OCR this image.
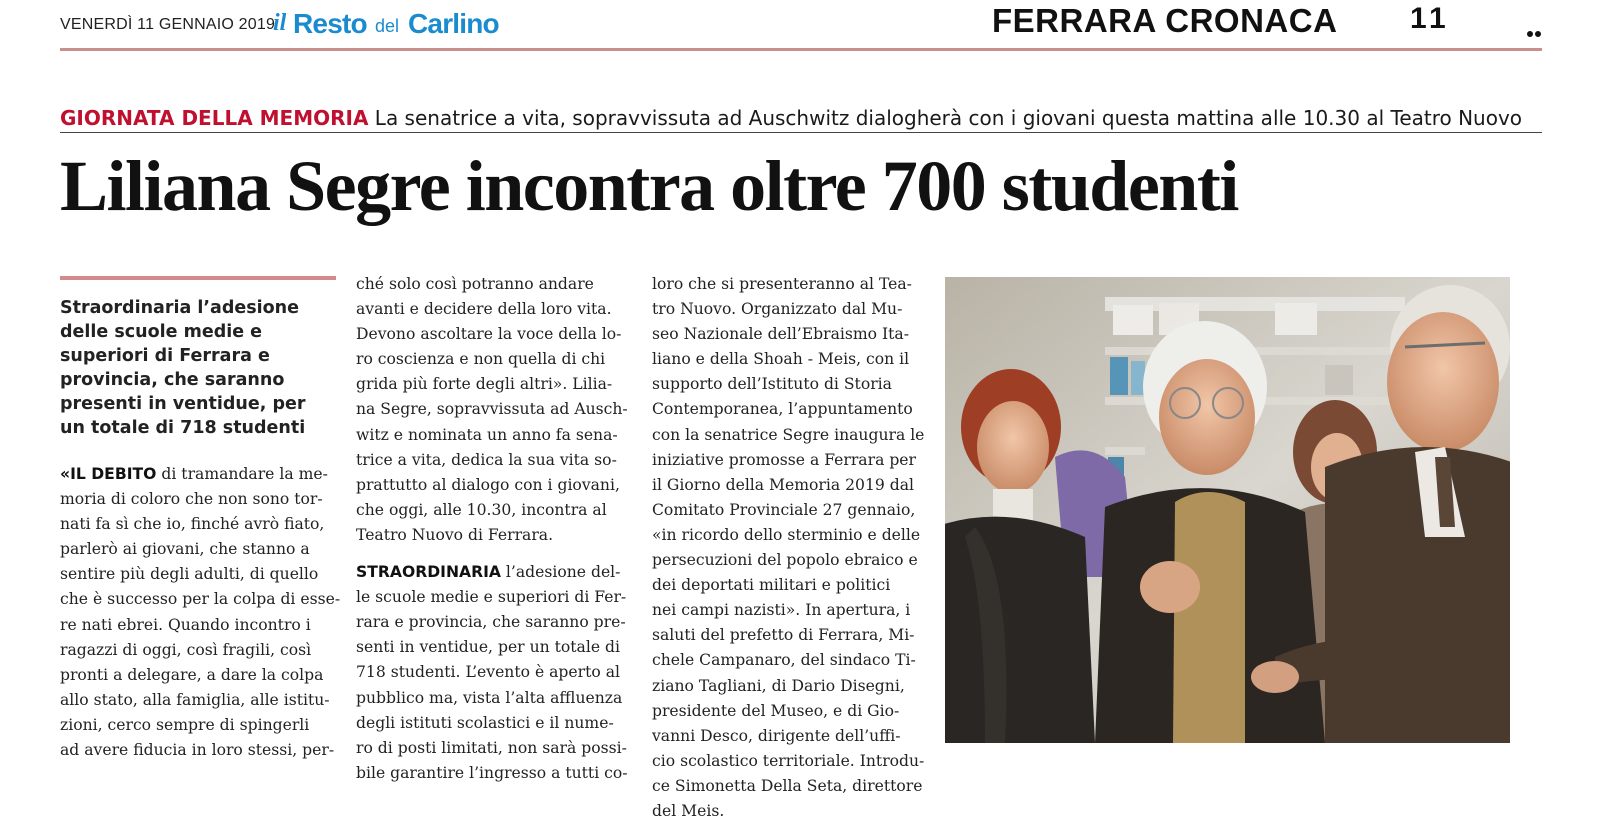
VENERDÌ 11 GENNAIO 2019
il Resto del Carlino	FERRARA CRONACA 11
GIORNATA DELLA MEMORIA La senatrice a vita, sopravvissuta ad Auschwitz dialogherà con i giovani questa mattina alle 10.30 al Teatro Nuovo
Liliana Segre incontra oltre 700 studenti
Straordinaria l’adesione delle scuole medie e superiori di Ferrara e provincia, che saranno presenti in ventidue, per un totale di 718 studenti
«IL DEBITO di tramandare la me-
moria di coloro che non sono tor-
nati fa sì che io, finché avrò fiato,
parlerò ai giovani, che stanno a
sentire più degli adulti, di quello
che è successo per la colpa di esse-
re nati ebrei. Quando incontro i
ragazzi di oggi, così fragili, così
pronti a delegare, a dare la colpa
allo stato, alla famiglia, alle istitu-
zioni, cerco sempre di spingerli
ad avere fiducia in loro stessi, per-
ché solo così potranno andare
avanti e decidere della loro vita.
Devono ascoltare la voce della lo-
ro coscienza e non quella di chi
grida più forte degli altri». Lilia-
na Segre, sopravvissuta ad Ausch-
witz e nominata un anno fa sena-
trice a vita, dedica la sua vita so-
prattutto al dialogo con i giovani,
che oggi, alle 10.30, incontra al
Teatro Nuovo di Ferrara.
STRAORDINARIA l’adesione del-
le scuole medie e superiori di Fer-
rara e provincia, che saranno pre-
senti in ventidue, per un totale di
718 studenti. L’evento è aperto al
pubblico ma, vista l’alta affluenza
degli istituti scolastici e il nume-
ro di posti limitati, non sarà possi-
bile garantire l’ingresso a tutti co-
loro che si presenteranno al Tea-
tro Nuovo. Organizzato dal Mu-
seo Nazionale dell’Ebraismo Ita-
liano e della Shoah - Meis, con il
supporto dell’Istituto di Storia
Contemporanea, l’appuntamento
con la senatrice Segre inaugura le
iniziative promosse a Ferrara per
il Giorno della Memoria 2019 dal
Comitato Provinciale 27 gennaio,
«in ricordo dello sterminio e delle
persecuzioni del popolo ebraico e
dei deportati militari e politici
nei campi nazisti». In apertura, i
saluti del prefetto di Ferrara, Mi-
chele Campanaro, del sindaco Ti-
ziano Tagliani, di Dario Disegni,
presidente del Museo, e di Gio-
vanni Desco, dirigente dell’uffi-
cio scolastico territoriale. Introdu-
ce Simonetta Della Seta, direttore
del Meis.
